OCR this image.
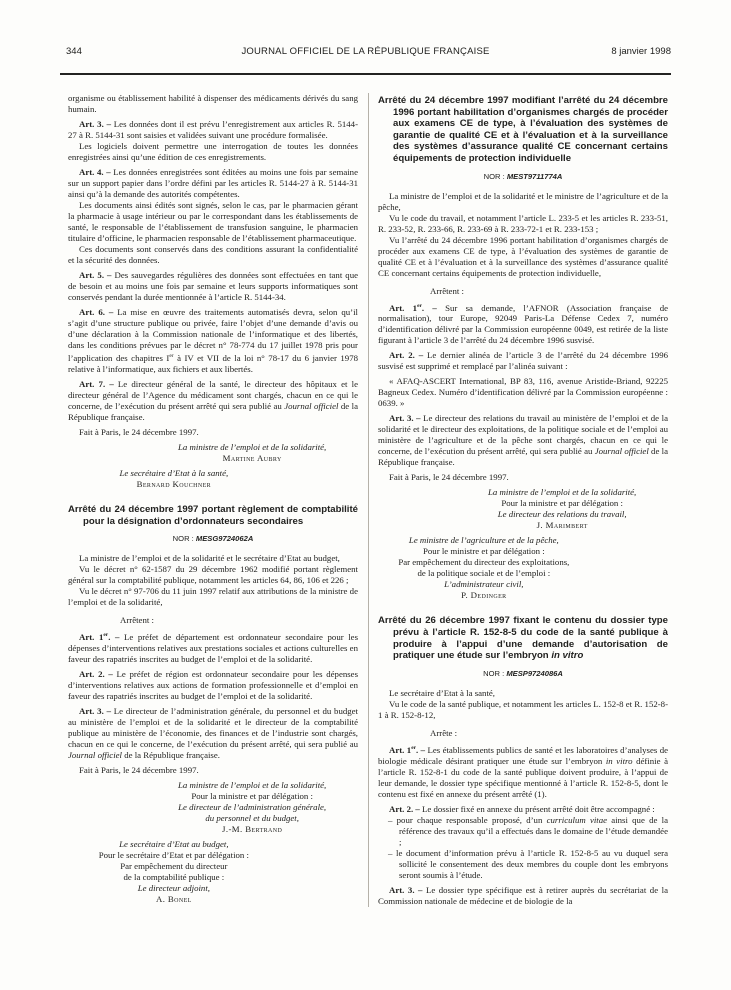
344	JOURNAL OFFICIEL DE LA RÉPUBLIQUE FRANÇAISE	8 janvier 1998
organisme ou établissement habilité à dispenser des médicaments dérivés du sang humain.
Art. 3. – Les données dont il est prévu l’enregistrement aux articles R. 5144-27 à R. 5144-31 sont saisies et validées suivant une procédure formalisée.
Les logiciels doivent permettre une interrogation de toutes les données enregistrées ainsi qu’une édition de ces enregistrements.
Art. 4. – Les données enregistrées sont éditées au moins une fois par semaine sur un support papier dans l’ordre défini par les articles R. 5144-27 à R. 5144-31 ainsi qu’à la demande des autorités compétentes.
Les documents ainsi édités sont signés, selon le cas, par le pharmacien gérant la pharmacie à usage intérieur ou par le correspondant dans les établissements de santé, le responsable de l’établissement de transfusion sanguine, le pharmacien titulaire d’officine, le pharmacien responsable de l’établissement pharmaceutique.
Ces documents sont conservés dans des conditions assurant la confidentialité et la sécurité des données.
Art. 5. – Des sauvegardes régulières des données sont effectuées en tant que de besoin et au moins une fois par semaine et leurs supports informatiques sont conservés pendant la durée mentionnée à l’article R. 5144-34.
Art. 6. – La mise en œuvre des traitements automatisés devra, selon qu’il s’agit d’une structure publique ou privée, faire l’objet d’une demande d’avis ou d’une déclaration à la Commission nationale de l’informatique et des libertés, dans les conditions prévues par le décret n° 78-774 du 17 juillet 1978 pris pour l’application des chapitres Ier à IV et VII de la loi n° 78-17 du 6 janvier 1978 relative à l’informatique, aux fichiers et aux libertés.
Art. 7. – Le directeur général de la santé, le directeur des hôpitaux et le directeur général de l’Agence du médicament sont chargés, chacun en ce qui le concerne, de l’exécution du présent arrêté qui sera publié au Journal officiel de la République française.
Fait à Paris, le 24 décembre 1997.
La ministre de l’emploi et de la solidarité,
Martine Aubry
Le secrétaire d’Etat à la santé,
Bernard Kouchner
Arrêté du 24 décembre 1997 portant règlement de comptabilité pour la désignation d’ordonnateurs secondaires
NOR : MESG9724062A
La ministre de l’emploi et de la solidarité et le secrétaire d’Etat au budget,
Vu le décret n° 62-1587 du 29 décembre 1962 modifié portant règlement général sur la comptabilité publique, notamment les articles 64, 86, 106 et 226 ;
Vu le décret n° 97-706 du 11 juin 1997 relatif aux attributions de la ministre de l’emploi et de la solidarité,
Arrêtent :
Art. 1er. – Le préfet de département est ordonnateur secondaire pour les dépenses d’interventions relatives aux prestations sociales et actions culturelles en faveur des rapatriés inscrites au budget de l’emploi et de la solidarité.
Art. 2. – Le préfet de région est ordonnateur secondaire pour les dépenses d’interventions relatives aux actions de formation professionnelle et d’emploi en faveur des rapatriés inscrites au budget de l’emploi et de la solidarité.
Art. 3. – Le directeur de l’administration générale, du personnel et du budget au ministère de l’emploi et de la solidarité et le directeur de la comptabilité publique au ministère de l’économie, des finances et de l’industrie sont chargés, chacun en ce qui le concerne, de l’exécution du présent arrêté, qui sera publié au Journal officiel de la République française.
Fait à Paris, le 24 décembre 1997.
La ministre de l’emploi et de la solidarité,
Pour la ministre et par délégation :
Le directeur de l’administration générale,
du personnel et du budget,
J.-M. Bertrand
Le secrétaire d’Etat au budget,
Pour le secrétaire d’Etat et par délégation :
Par empêchement du directeur
de la comptabilité publique :
Le directeur adjoint,
A. Bonel
Arrêté du 24 décembre 1997 modifiant l’arrêté du 24 décembre 1996 portant habilitation d’organismes chargés de procéder aux examens CE de type, à l’évaluation des systèmes de garantie de qualité CE et à l’évaluation et à la surveillance des systèmes d’assurance qualité CE concernant certains équipements de protection individuelle
NOR : MEST9711774A
La ministre de l’emploi et de la solidarité et le ministre de l’agriculture et de la pêche,
Vu le code du travail, et notamment l’article L. 233-5 et les articles R. 233-51, R. 233-52, R. 233-66, R. 233-69 à R. 233-72-1 et R. 233-153 ;
Vu l’arrêté du 24 décembre 1996 portant habilitation d’organismes chargés de procéder aux examens CE de type, à l’évaluation des systèmes de garantie de qualité CE et à l’évaluation et à la surveillance des systèmes d’assurance qualité CE concernant certains équipements de protection individuelle,
Arrêtent :
Art. 1er. – Sur sa demande, l’AFNOR (Association française de normalisation), tour Europe, 92049 Paris-La Défense Cedex 7, numéro d’identification délivré par la Commission européenne 0049, est retirée de la liste figurant à l’article 3 de l’arrêté du 24 décembre 1996 susvisé.
Art. 2. – Le dernier alinéa de l’article 3 de l’arrêté du 24 décembre 1996 susvisé est supprimé et remplacé par l’alinéa suivant :
« AFAQ-ASCERT International, BP 83, 116, avenue Aristide-Briand, 92225 Bagneux Cedex. Numéro d’identification délivré par la Commission européenne : 0639. »
Art. 3. – Le directeur des relations du travail au ministère de l’emploi et de la solidarité et le directeur des exploitations, de la politique sociale et de l’emploi au ministère de l’agriculture et de la pêche sont chargés, chacun en ce qui le concerne, de l’exécution du présent arrêté, qui sera publié au Journal officiel de la République française.
Fait à Paris, le 24 décembre 1997.
La ministre de l’emploi et de la solidarité,
Pour la ministre et par délégation :
Le directeur des relations du travail,
J. Marimbert
Le ministre de l’agriculture et de la pêche,
Pour le ministre et par délégation :
Par empêchement du directeur des exploitations,
de la politique sociale et de l’emploi :
L’administrateur civil,
P. Dedinger
Arrêté du 26 décembre 1997 fixant le contenu du dossier type prévu à l’article R. 152-8-5 du code de la santé publique à produire à l’appui d’une demande d’autorisation de pratiquer une étude sur l’embryon in vitro
NOR : MESP9724086A
Le secrétaire d’Etat à la santé,
Vu le code de la santé publique, et notamment les articles L. 152-8 et R. 152-8-1 à R. 152-8-12,
Arrête :
Art. 1er. – Les établissements publics de santé et les laboratoires d’analyses de biologie médicale désirant pratiquer une étude sur l’embryon in vitro définie à l’article R. 152-8-1 du code de la santé publique doivent produire, à l’appui de leur demande, le dossier type spécifique mentionné à l’article R. 152-8-5, dont le contenu est fixé en annexe du présent arrêté (1).
Art. 2. – Le dossier fixé en annexe du présent arrêté doit être accompagné :
– pour chaque responsable proposé, d’un curriculum vitae ainsi que de la référence des travaux qu’il a effectués dans le domaine de l’étude demandée ;
– le document d’information prévu à l’article R. 152-8-5 au vu duquel sera sollicité le consentement des deux membres du couple dont les embryons seront soumis à l’étude.
Art. 3. – Le dossier type spécifique est à retirer auprès du secrétariat de la Commission nationale de médecine et de biologie de la
